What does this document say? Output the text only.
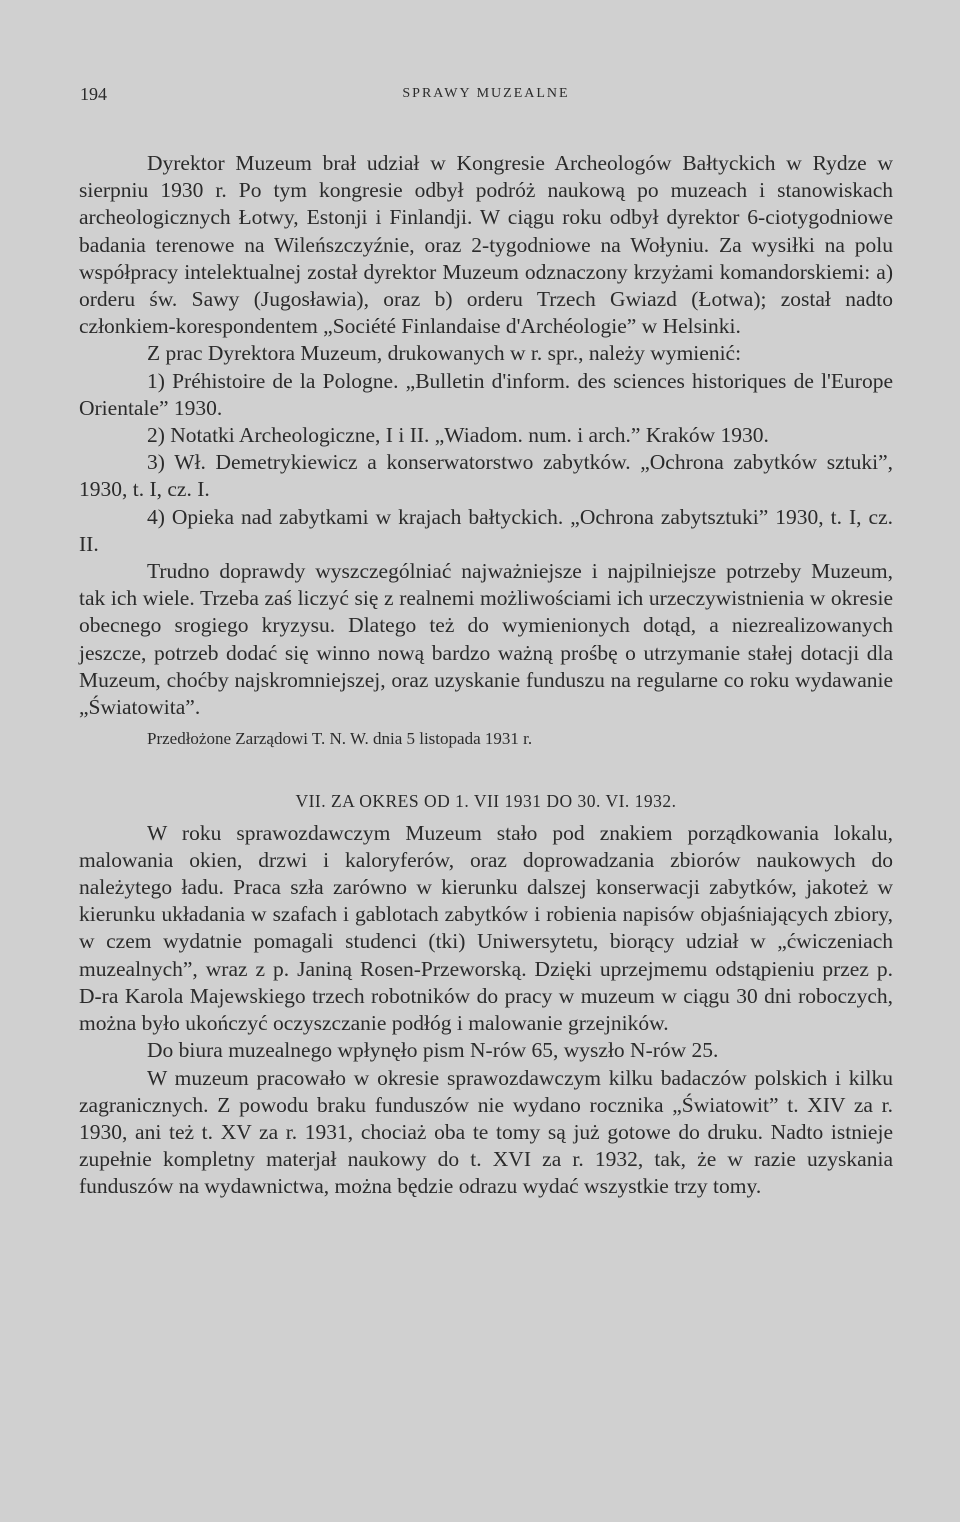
194	SPRAWY MUZEALNE

Dyrektor Muzeum brał udział w Kongresie Archeologów Bałtyckich w Rydze w sierpniu 1930 r. Po tym kongresie odbył podróż naukową po muzeach i stanowiskach archeologicznych Łotwy, Estonji i Finlandji. W ciągu roku odbył dyrektor 6-ciotygodniowe badania terenowe na Wileńszczyźnie, oraz 2-tygodniowe na Wołyniu. Za wysiłki na polu współpracy intelektualnej został dyrektor Muzeum odznaczony krzyżami komandorskiemi: a) orderu św. Sawy (Jugosławia), oraz b) orderu Trzech Gwiazd (Łotwa); został nadto członkiem-korespondentem „Société Finlandaise d'Archéologie” w Helsinki.

Z prac Dyrektora Muzeum, drukowanych w r. spr., należy wymienić:

1) Préhistoire de la Pologne. „Bulletin d'inform. des sciences historiques de l'Europe Orientale” 1930.

2) Notatki Archeologiczne, I i II. „Wiadom. num. i arch.” Kraków 1930.

3) Wł. Demetrykiewicz a konserwatorstwo zabytków. „Ochrona zabytków sztuki”, 1930, t. I, cz. I.

4) Opieka nad zabytkami w krajach bałtyckich. „Ochrona zabytsztuki” 1930, t. I, cz. II.

Trudno doprawdy wyszczególniać najważniejsze i najpilniejsze potrzeby Muzeum, tak ich wiele. Trzeba zaś liczyć się z realnemi możliwościami ich urzeczywistnienia w okresie obecnego srogiego kryzysu. Dlatego też do wymienionych dotąd, a niezrealizowanych jeszcze, potrzeb dodać się winno nową bardzo ważną prośbę o utrzymanie stałej dotacji dla Muzeum, choćby najskromniejszej, oraz uzyskanie funduszu na regularne co roku wydawanie „Światowita”.

Przedłożone Zarządowi T. N. W. dnia 5 listopada 1931 r.

VII. ZA OKRES OD 1. VII 1931 DO 30. VI. 1932.

W roku sprawozdawczym Muzeum stało pod znakiem porządkowania lokalu, malowania okien, drzwi i kaloryferów, oraz doprowadzania zbiorów naukowych do należytego ładu. Praca szła zarówno w kierunku dalszej konserwacji zabytków, jakoteż w kierunku układania w szafach i gablotach zabytków i robienia napisów objaśniających zbiory, w czem wydatnie pomagali studenci (tki) Uniwersytetu, biorący udział w „ćwiczeniach muzealnych”, wraz z p. Janiną Rosen-Przeworską. Dzięki uprzejmemu odstąpieniu przez p. D-ra Karola Majewskiego trzech robotników do pracy w muzeum w ciągu 30 dni roboczych, można było ukończyć oczyszczanie podłóg i malowanie grzejników.

Do biura muzealnego wpłynęło pism N-rów 65, wyszło N-rów 25.

W muzeum pracowało w okresie sprawozdawczym kilku badaczów polskich i kilku zagranicznych. Z powodu braku funduszów nie wydano rocznika „Światowit” t. XIV za r. 1930, ani też t. XV za r. 1931, chociaż oba te tomy są już gotowe do druku. Nadto istnieje zupełnie kompletny materjał naukowy do t. XVI za r. 1932, tak, że w razie uzyskania funduszów na wydawnictwa, można będzie odrazu wydać wszystkie trzy tomy.
